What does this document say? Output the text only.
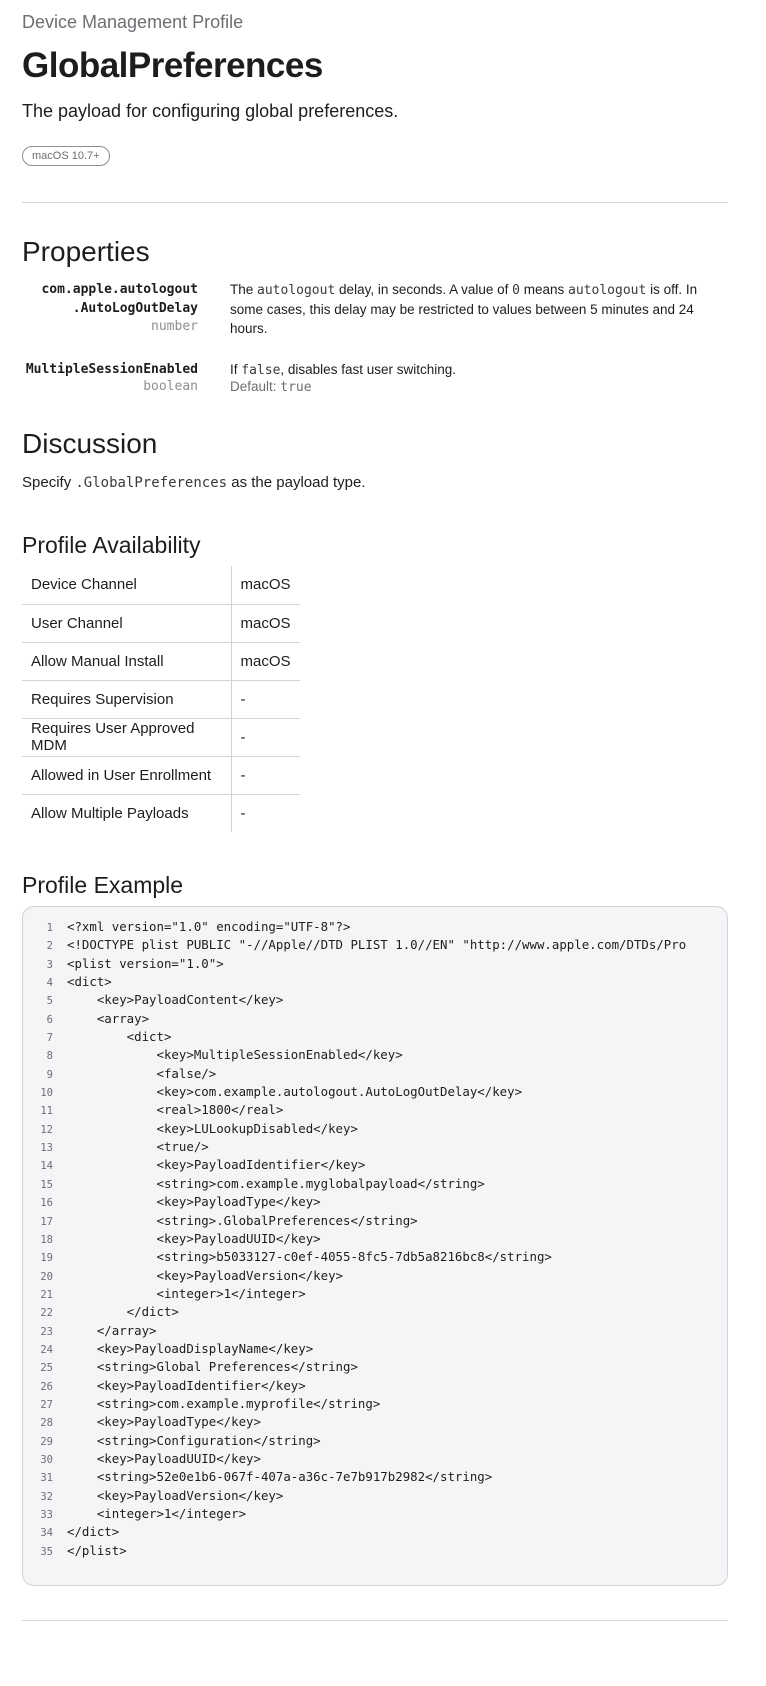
Device Management Profile
GlobalPreferences
The payload for configuring global preferences.
macOS 10.7+
Properties
com.apple.autologout
.AutoLogOutDelay
number
The autologout delay, in seconds. A value of 0 means autologout is off. In some cases, this delay may be restricted to values between 5 minutes and 24 hours.
MultipleSessionEnabled
boolean
If false, disables fast user switching.
Default: true
Discussion
Specify .GlobalPreferences as the payload type.
Profile Availability
Device Channel	macOS
User Channel	macOS
Allow Manual Install	macOS
Requires Supervision	-
Requires User Approved MDM	-
Allowed in User Enrollment	-
Allow Multiple Payloads	-
Profile Example
1 <?xml version="1.0" encoding="UTF-8"?>
2 <!DOCTYPE plist PUBLIC "-//Apple//DTD PLIST 1.0//EN" "http://www.apple.com/DTDs/Pro
3 <plist version="1.0">
4 <dict>
5    <key>PayloadContent</key>
6    <array>
7        <dict>
8            <key>MultipleSessionEnabled</key>
9            <false/>
10            <key>com.example.autologout.AutoLogOutDelay</key>
11            <real>1800</real>
12            <key>LULookupDisabled</key>
13            <true/>
14            <key>PayloadIdentifier</key>
15            <string>com.example.myglobalpayload</string>
16            <key>PayloadType</key>
17            <string>.GlobalPreferences</string>
18            <key>PayloadUUID</key>
19            <string>b5033127-c0ef-4055-8fc5-7db5a8216bc8</string>
20            <key>PayloadVersion</key>
21            <integer>1</integer>
22        </dict>
23    </array>
24    <key>PayloadDisplayName</key>
25    <string>Global Preferences</string>
26    <key>PayloadIdentifier</key>
27    <string>com.example.myprofile</string>
28    <key>PayloadType</key>
29    <string>Configuration</string>
30    <key>PayloadUUID</key>
31    <string>52e0e1b6-067f-407a-a36c-7e7b917b2982</string>
32    <key>PayloadVersion</key>
33    <integer>1</integer>
34 </dict>
35 </plist>
